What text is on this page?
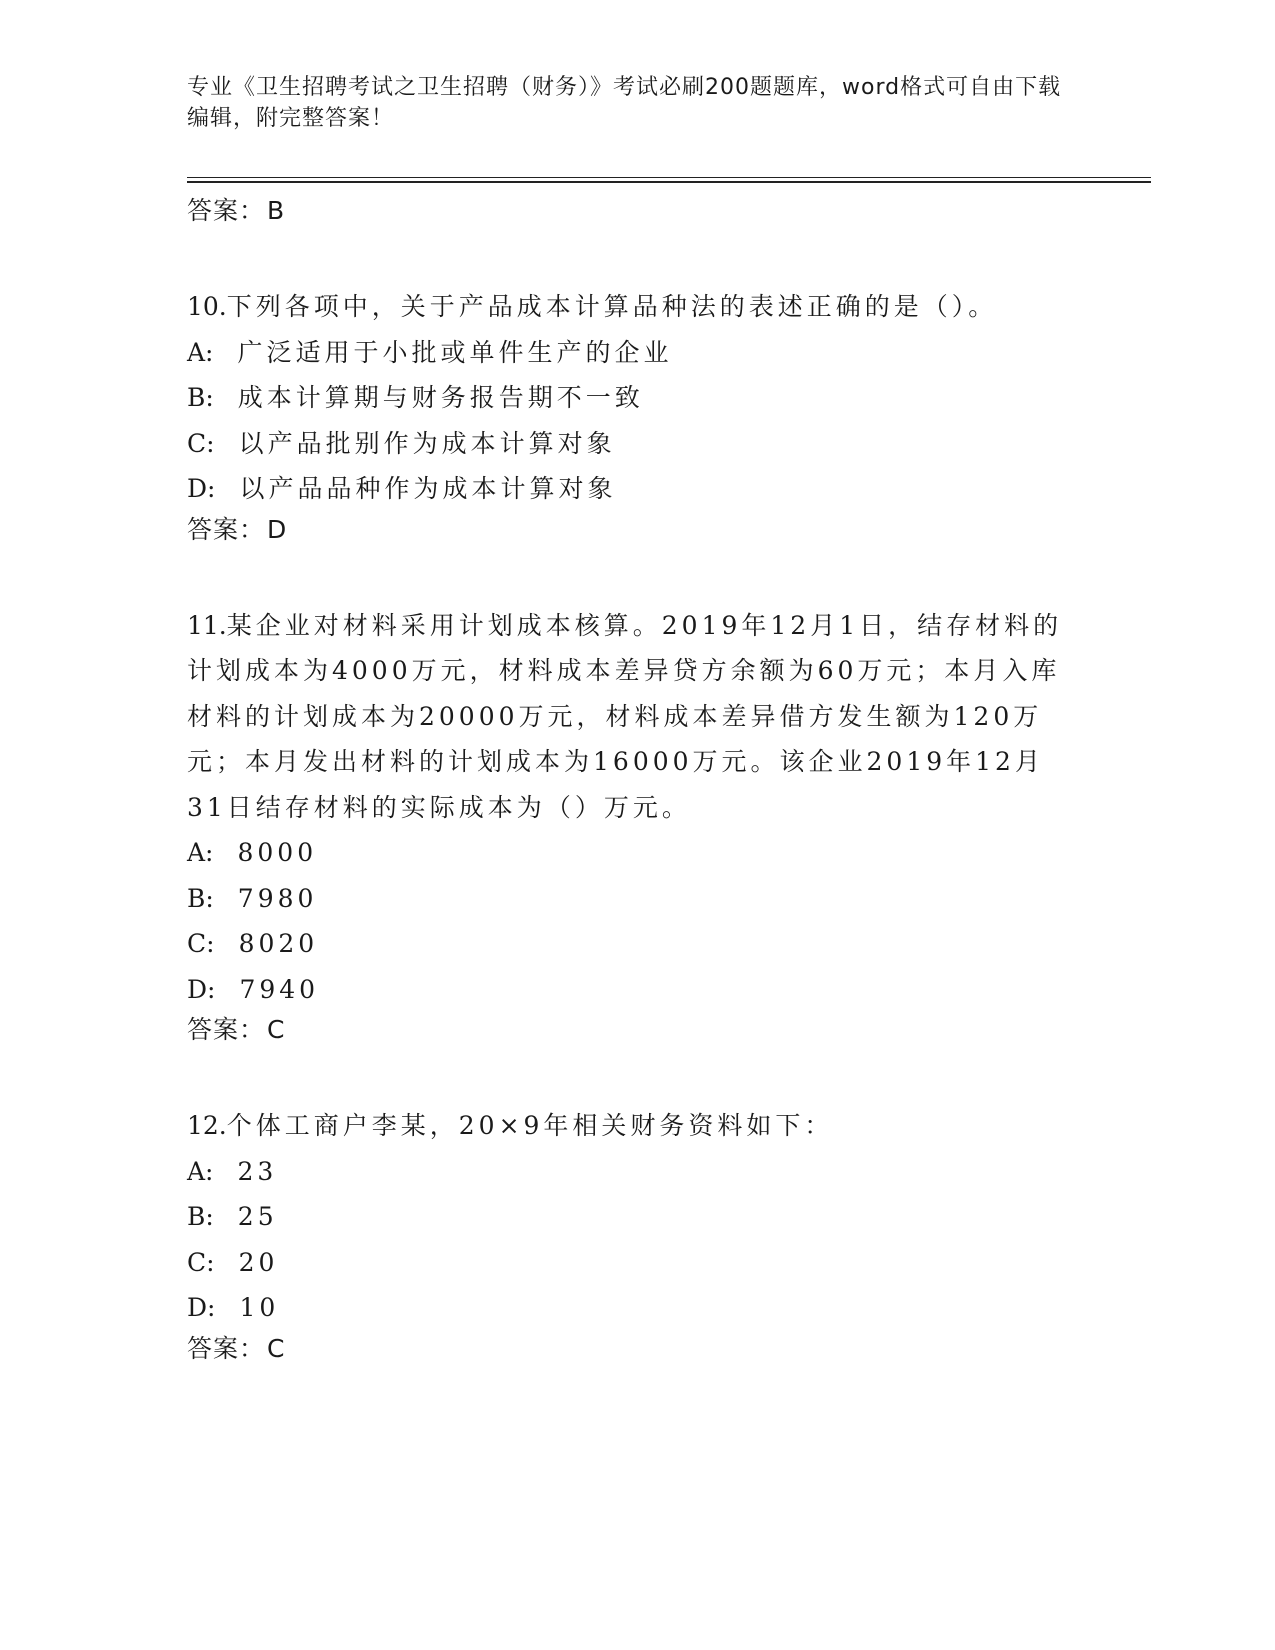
专业《卫生招聘考试之卫生招聘（财务）》考试必刷200题题库，word格式可自由下载编辑，附完整答案！
答案：B
10.下列各项中，关于产品成本计算品种法的表述正确的是（）。
A: 广泛适用于小批或单件生产的企业
B: 成本计算期与财务报告期不一致
C: 以产品批别作为成本计算对象
D: 以产品品种作为成本计算对象
答案：D
11.某企业对材料采用计划成本核算。2019年12月1日，结存材料的计划成本为4000万元，材料成本差异贷方余额为60万元；本月入库材料的计划成本为20000万元，材料成本差异借方发生额为120万元；本月发出材料的计划成本为16000万元。该企业2019年12月31日结存材料的实际成本为（）万元。
A: 8000
B: 7980
C: 8020
D: 7940
答案：C
12.个体工商户李某，20×9年相关财务资料如下：
A: 23
B: 25
C: 20
D: 10
答案：C
